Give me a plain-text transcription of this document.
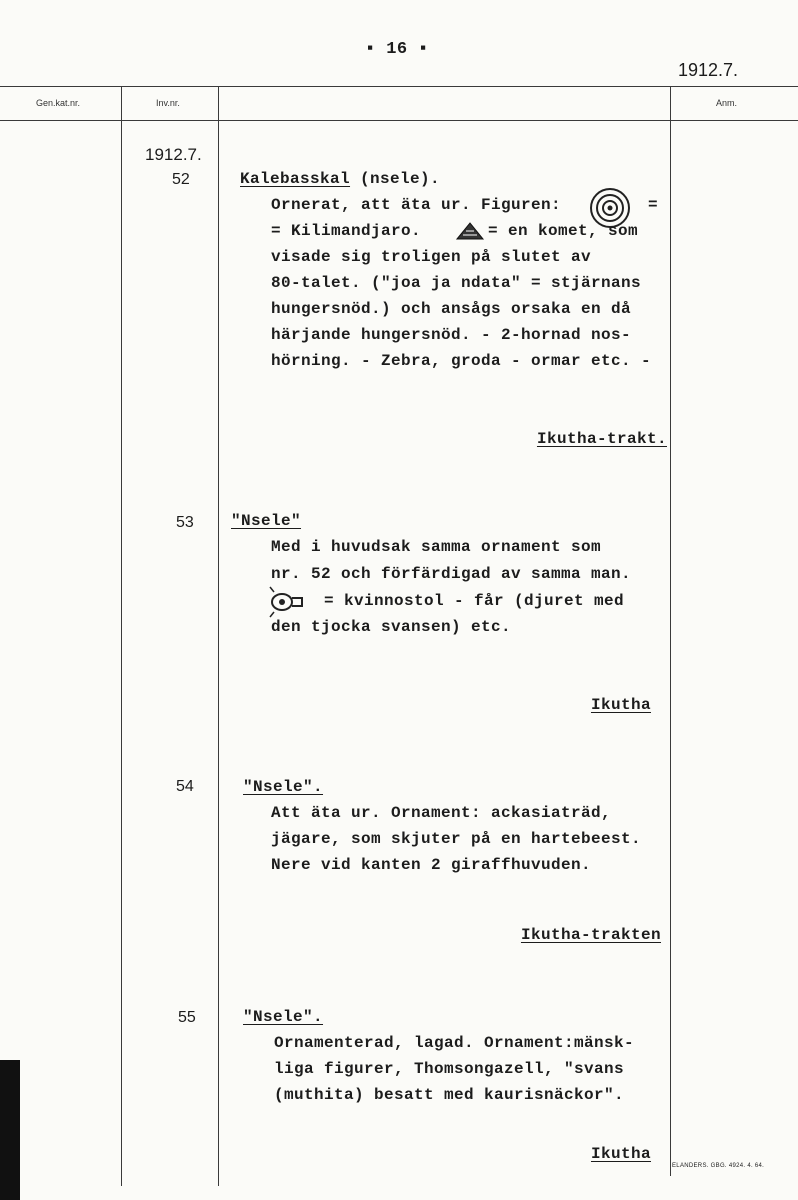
▪ 16 ▪
1912.7.
Gen.kat.nr.	Inv.nr.	Anm.
1912.7.
52	Kalebasskal (nsele).
Ornerat, att äta ur. Figuren:	=
= Kilimandjaro.	= en komet, som
visade sig troligen på slutet av
80-talet. ("joa ja ndata" = stjärnans
hungersnöd.) och ansågs orsaka en då
härjande hungersnöd. - 2-hornad nos-
hörning. - Zebra, groda - ormar etc. -
Ikutha-trakt.
53 "Nsele"
Med i huvudsak samma ornament som
nr. 52 och förfärdigad av samma man.
= kvinnostol - får (djuret med
den tjocka svansen) etc.
Ikutha
54	"Nsele".
Att äta ur. Ornament: ackasiaträd,
jägare, som skjuter på en hartebeest.
Nere vid kanten 2 giraffhuvuden.
Ikutha-trakten
55	"Nsele".
Ornamenterad, lagad. Ornament:mänsk-
liga figurer, Thomsongazell, "svans
(muthita) besatt med kaurisnäckor".
Ikutha
ELANDERS. GBG. 4924. 4. 64.
